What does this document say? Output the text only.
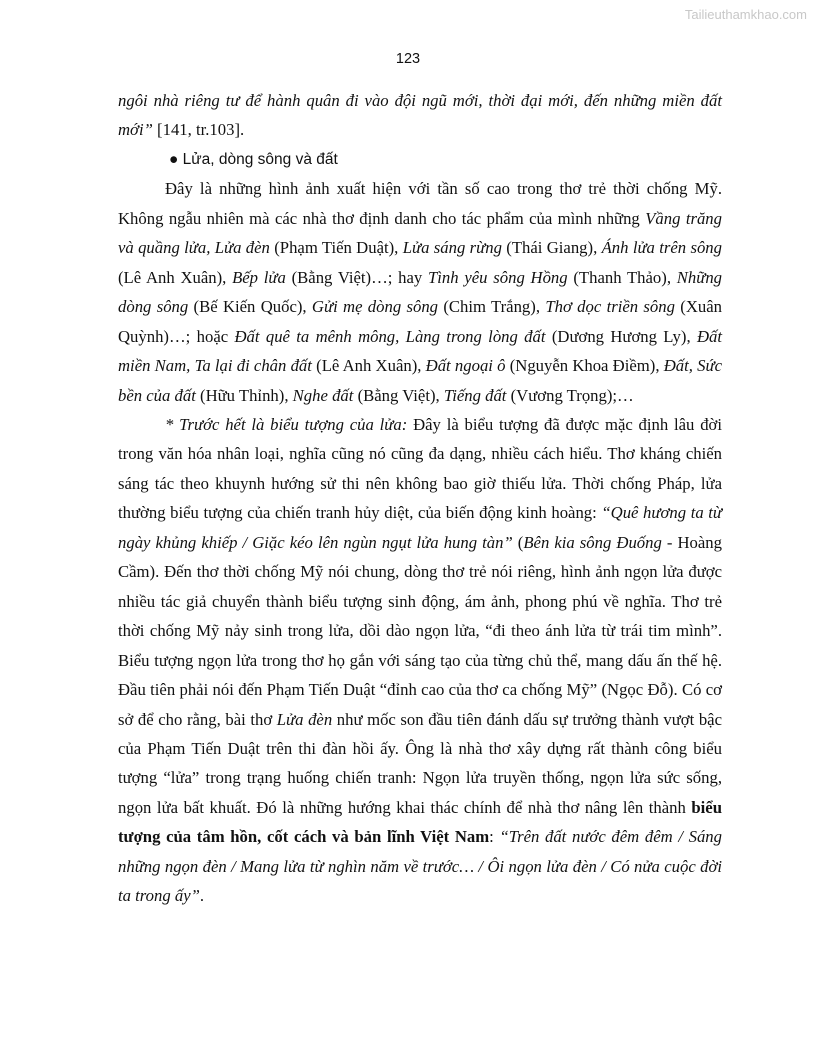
Tailieuthamkhao.com
123

ngôi nhà riêng tư để hành quân đi vào đội ngũ mới, thời đại mới, đến những miền đất mới” [141, tr.103].

● Lửa, dòng sông và đất

Đây là những hình ảnh xuất hiện với tần số cao trong thơ trẻ thời chống Mỹ. Không ngẫu nhiên mà các nhà thơ định danh cho tác phẩm của mình những Vầng trăng và quầng lửa, Lửa đèn (Phạm Tiến Duật), Lửa sáng rừng (Thái Giang), Ánh lửa trên sông (Lê Anh Xuân), Bếp lửa (Bằng Việt)…; hay Tình yêu sông Hồng (Thanh Thảo), Những dòng sông (Bế Kiến Quốc), Gửi mẹ dòng sông (Chim Trắng), Thơ dọc triền sông (Xuân Quỳnh)…; hoặc Đất quê ta mênh mông, Làng trong lòng đất (Dương Hương Ly), Đất miền Nam, Ta lại đi chân đất (Lê Anh Xuân), Đất ngoại ô (Nguyễn Khoa Điềm), Đất, Sức bền của đất (Hữu Thỉnh), Nghe đất (Bằng Việt), Tiếng đất (Vương Trọng);…

* Trước hết là biểu tượng của lửa: Đây là biểu tượng đã được mặc định lâu đời trong văn hóa nhân loại, nghĩa cũng nó cũng đa dạng, nhiều cách hiểu. Thơ kháng chiến sáng tác theo khuynh hướng sử thi nên không bao giờ thiếu lửa. Thời chống Pháp, lửa thường biểu tượng của chiến tranh hủy diệt, của biến động kinh hoàng: “Quê hương ta từ ngày khủng khiếp / Giặc kéo lên ngùn ngụt lửa hung tàn” (Bên kia sông Đuống - Hoàng Cầm). Đến thơ thời chống Mỹ nói chung, dòng thơ trẻ nói riêng, hình ảnh ngọn lửa được nhiều tác giả chuyển thành biểu tượng sinh động, ám ảnh, phong phú về nghĩa. Thơ trẻ thời chống Mỹ nảy sinh trong lửa, dồi dào ngọn lửa, “đi theo ánh lửa từ trái tim mình”. Biểu tượng ngọn lửa trong thơ họ gắn với sáng tạo của từng chủ thể, mang dấu ấn thế hệ. Đầu tiên phải nói đến Phạm Tiến Duật “đỉnh cao của thơ ca chống Mỹ” (Ngọc Đỗ). Có cơ sở để cho rằng, bài thơ Lửa đèn như mốc son đầu tiên đánh dấu sự trưởng thành vượt bậc của Phạm Tiến Duật trên thi đàn hồi ấy. Ông là nhà thơ xây dựng rất thành công biểu tượng “lửa” trong trạng huống chiến tranh: Ngọn lửa truyền thống, ngọn lửa sức sống, ngọn lửa bất khuất. Đó là những hướng khai thác chính để nhà thơ nâng lên thành biểu tượng của tâm hồn, cốt cách và bản lĩnh Việt Nam: “Trên đất nước đêm đêm / Sáng những ngọn đèn / Mang lửa từ nghìn năm về trước… / Ôi ngọn lửa đèn / Có nửa cuộc đời ta trong ấy”.
